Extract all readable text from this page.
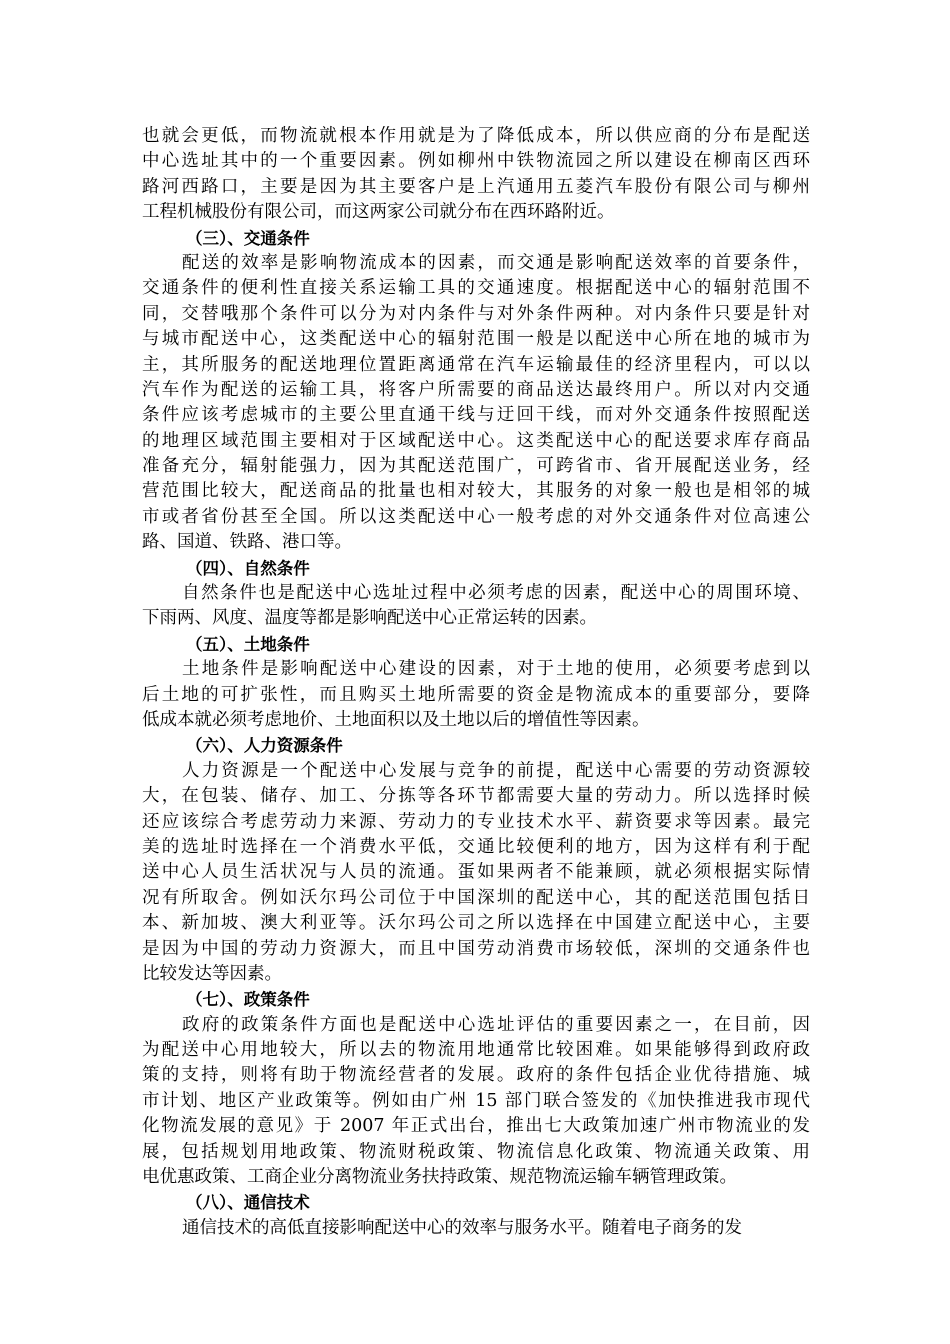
也就会更低，而物流就根本作用就是为了降低成本，所以供应商的分布是配送
中心选址其中的一个重要因素。例如柳州中铁物流园之所以建设在柳南区西环
路河西路口，主要是因为其主要客户是上汽通用五菱汽车股份有限公司与柳州
工程机械股份有限公司，而这两家公司就分布在西环路附近。
（三）、交通条件
配送的效率是影响物流成本的因素，而交通是影响配送效率的首要条件，
交通条件的便利性直接关系运输工具的交通速度。根据配送中心的辐射范围不
同，交替哦那个条件可以分为对内条件与对外条件两种。对内条件只要是针对
与城市配送中心，这类配送中心的辐射范围一般是以配送中心所在地的城市为
主，其所服务的配送地理位置距离通常在汽车运输最佳的经济里程内，可以以
汽车作为配送的运输工具，将客户所需要的商品送达最终用户。所以对内交通
条件应该考虑城市的主要公里直通干线与迂回干线，而对外交通条件按照配送
的地理区域范围主要相对于区域配送中心。这类配送中心的配送要求库存商品
准备充分，辐射能强力，因为其配送范围广，可跨省市、省开展配送业务，经
营范围比较大，配送商品的批量也相对较大，其服务的对象一般也是相邻的城
市或者省份甚至全国。所以这类配送中心一般考虑的对外交通条件对位高速公
路、国道、铁路、港口等。
（四）、自然条件
自然条件也是配送中心选址过程中必须考虑的因素，配送中心的周围环境、
下雨两、风度、温度等都是影响配送中心正常运转的因素。
（五）、土地条件
土地条件是影响配送中心建设的因素，对于土地的使用，必须要考虑到以
后土地的可扩张性，而且购买土地所需要的资金是物流成本的重要部分，要降
低成本就必须考虑地价、土地面积以及土地以后的增值性等因素。
（六）、人力资源条件
人力资源是一个配送中心发展与竞争的前提，配送中心需要的劳动资源较
大，在包装、储存、加工、分拣等各环节都需要大量的劳动力。所以选择时候
还应该综合考虑劳动力来源、劳动力的专业技术水平、薪资要求等因素。最完
美的选址时选择在一个消费水平低，交通比较便利的地方，因为这样有利于配
送中心人员生活状况与人员的流通。蛋如果两者不能兼顾，就必须根据实际情
况有所取舍。例如沃尔玛公司位于中国深圳的配送中心，其的配送范围包括日
本、新加坡、澳大利亚等。沃尔玛公司之所以选择在中国建立配送中心，主要
是因为中国的劳动力资源大，而且中国劳动消费市场较低，深圳的交通条件也
比较发达等因素。
（七）、政策条件
政府的政策条件方面也是配送中心选址评估的重要因素之一，在目前，因
为配送中心用地较大，所以去的物流用地通常比较困难。如果能够得到政府政
策的支持，则将有助于物流经营者的发展。政府的条件包括企业优待措施、城
市计划、地区产业政策等。例如由广州 15 部门联合签发的《加快推进我市现代
化物流发展的意见》于 2007 年正式出台，推出七大政策加速广州市物流业的发
展，包括规划用地政策、物流财税政策、物流信息化政策、物流通关政策、用
电优惠政策、工商企业分离物流业务扶持政策、规范物流运输车辆管理政策。
（八）、通信技术
通信技术的高低直接影响配送中心的效率与服务水平。随着电子商务的发
